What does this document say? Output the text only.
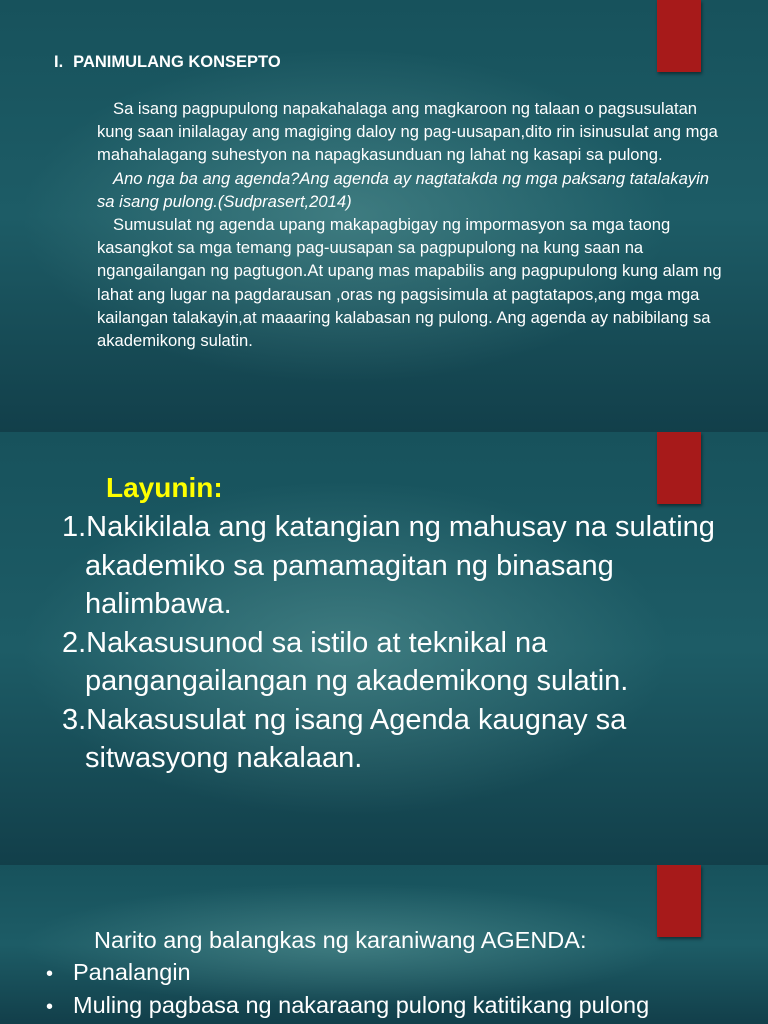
I. PANIMULANG KONSEPTO

Sa isang pagpupulong napakahalaga ang magkaroon ng talaan o pagsusulatan kung saan inilalagay ang magiging daloy ng pag-uusapan,dito rin isinusulat ang mga mahahalagang suhestyon na napagkasunduan ng lahat ng kasapi sa pulong.

Ano nga ba ang agenda?Ang agenda ay nagtatakda ng mga paksang tatalakayin sa isang pulong.(Sudprasert,2014)

Sumusulat ng agenda upang makapagbigay ng impormasyon sa mga taong kasangkot sa mga temang pag-uusapan sa pagpupulong na kung saan na ngangailangan ng pagtugon.At upang mas mapabilis ang pagpupulong kung alam ng lahat ang lugar na pagdarausan ,oras ng pagsisimula at pagtatapos,ang mga mga kailangan talakayin,at maaaring kalabasan ng pulong. Ang agenda ay nabibilang sa akademikong sulatin.

Layunin:
1.Nakikilala ang katangian ng mahusay na sulating akademiko sa pamamagitan ng binasang halimbawa.
2.Nakasusunod sa istilo at teknikal na pangangailangan ng akademikong sulatin.
3.Nakasusulat ng isang Agenda kaugnay sa sitwasyong nakalaan.
Narito ang balangkas ng karaniwang AGENDA:
• Panalangin
• Muling pagbasa ng nakaraang pulong katitikang pulong
